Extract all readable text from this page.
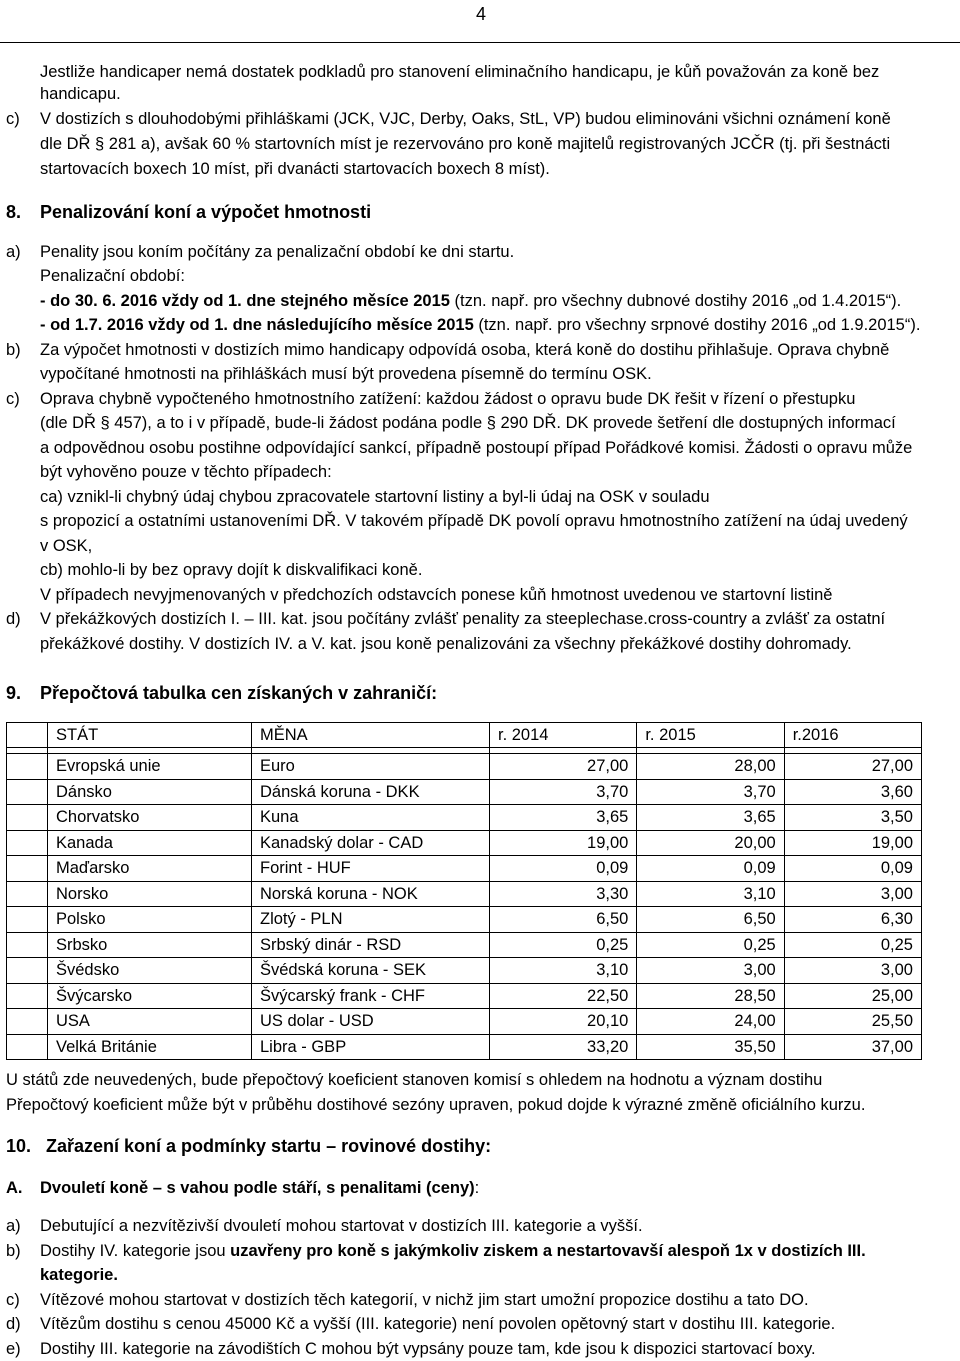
4
Jestliže handicaper nemá dostatek podkladů pro stanovení eliminačního handicapu, je kůň považován za koně bez
handicapu.
c) V dostizích s dlouhodobými přihláškami (JCK, VJC, Derby, Oaks, StL, VP) budou eliminováni všichni oznámení koně
dle DŘ § 281 a), avšak 60 % startovních míst je rezervováno pro koně majitelů registrovaných JCČR (tj. při šestnácti
startovacích boxech 10 míst, při dvanácti startovacích boxech 8 míst).
8. Penalizování koní a výpočet hmotnosti
a) Penality jsou koním počítány za penalizační období ke dni startu.
Penalizační období:
- do 30. 6. 2016 vždy od 1. dne stejného měsíce 2015 (tzn. např. pro všechny dubnové dostihy 2016 „od 1.4.2015“).
- od 1.7. 2016 vždy od 1. dne následujícího měsíce 2015 (tzn. např. pro všechny srpnové dostihy 2016 „od 1.9.2015“).
b) Za výpočet hmotnosti v dostizích mimo handicapy odpovídá osoba, která koně do dostihu přihlašuje. Oprava chybně
vypočítané hmotnosti na přihláškách musí být provedena písemně do termínu OSK.
c) Oprava chybně vypočteného hmotnostního zatížení: každou žádost o opravu bude DK řešit v řízení o přestupku
(dle DŘ § 457), a to i v případě, bude-li žádost podána podle § 290 DŘ. DK provede šetření dle dostupných informací
a odpovědnou osobu postihne odpovídající sankcí, případně postoupí případ Pořádkové komisi. Žádosti o opravu může
být vyhověno pouze v těchto případech:
ca) vznikl-li chybný údaj chybou zpracovatele startovní listiny a byl-li údaj na OSK v souladu
s propozicí a ostatními ustanoveními DŘ. V takovém případě DK povolí opravu hmotnostního zatížení na údaj uvedený
v OSK,
cb) mohlo-li by bez opravy dojít k diskvalifikaci koně.
V případech nevyjmenovaných v předchozích odstavcích ponese kůň hmotnost uvedenou ve startovní listině
d) V překážkových dostizích I. – III. kat. jsou počítány zvlášť penality za steeplechase.cross-country a zvlášť za ostatní
překážkové dostihy. V dostizích IV. a V. kat. jsou koně penalizováni za všechny překážkové dostihy dohromady.
9. Přepočtová tabulka cen získaných v zahraničí:
	STÁT	MĚNA	r. 2014	r. 2015	r.2016

	Evropská unie	Euro	27,00	28,00	27,00
	Dánsko	Dánská koruna - DKK	3,70	3,70	3,60
	Chorvatsko	Kuna	3,65	3,65	3,50
	Kanada	Kanadský dolar - CAD	19,00	20,00	19,00
	Maďarsko	Forint - HUF	0,09	0,09	0,09
	Norsko	Norská koruna - NOK	3,30	3,10	3,00
	Polsko	Zlotý - PLN	6,50	6,50	6,30
	Srbsko	Srbský dinár - RSD	0,25	0,25	0,25
	Švédsko	Švédská koruna - SEK	3,10	3,00	3,00
	Švýcarsko	Švýcarský frank - CHF	22,50	28,50	25,00
	USA	US dolar - USD	20,10	24,00	25,50
	Velká Británie	Libra - GBP	33,20	35,50	37,00
U států zde neuvedených, bude přepočtový koeficient stanoven komisí s ohledem na hodnotu a význam dostihu
Přepočtový koeficient může být v průběhu dostihové sezóny upraven, pokud dojde k výrazné změně oficiálního kurzu.
10. Zařazení koní a podmínky startu – rovinové dostihy:
A. Dvouletí koně – s vahou podle stáří, s penalitami (ceny):
a) Debutující a nezvítězivší dvouletí mohou startovat v dostizích III. kategorie a vyšší.
b) Dostihy IV. kategorie jsou uzavřeny pro koně s jakýmkoliv ziskem a nestartovavší alespoň 1x v dostizích III.
kategorie.
c) Vítězové mohou startovat v dostizích těch kategorií, v nichž jim start umožní propozice dostihu a tato DO.
d) Vítězům dostihu s cenou 45000 Kč a vyšší (III. kategorie) není povolen opětovný start v dostihu III. kategorie.
e) Dostihy III. kategorie na závodištích C mohou být vypsány pouze tam, kde jsou k dispozici startovací boxy.
